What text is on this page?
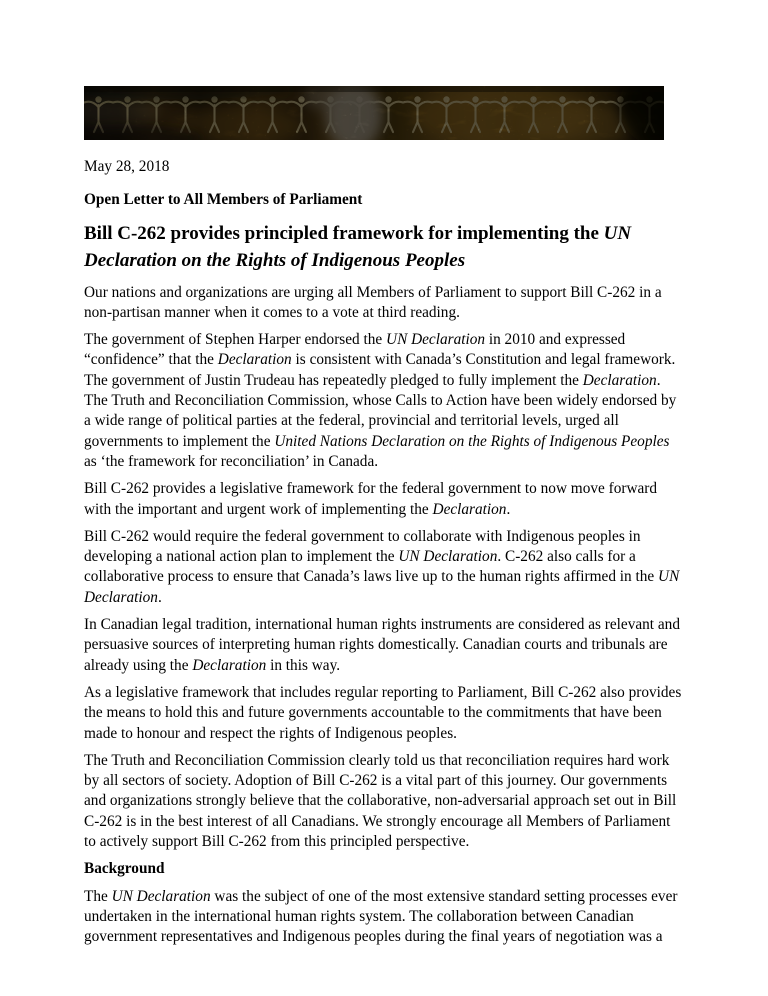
May 28, 2018

Open Letter to All Members of Parliament

Bill C-262 provides principled framework for implementing the UN Declaration on the Rights of Indigenous Peoples

Our nations and organizations are urging all Members of Parliament to support Bill C-262 in a non-partisan manner when it comes to a vote at third reading.

The government of Stephen Harper endorsed the UN Declaration in 2010 and expressed “confidence” that the Declaration is consistent with Canada’s Constitution and legal framework. The government of Justin Trudeau has repeatedly pledged to fully implement the Declaration. The Truth and Reconciliation Commission, whose Calls to Action have been widely endorsed by a wide range of political parties at the federal, provincial and territorial levels, urged all governments to implement the United Nations Declaration on the Rights of Indigenous Peoples as ‘the framework for reconciliation’ in Canada.

Bill C-262 provides a legislative framework for the federal government to now move forward with the important and urgent work of implementing the Declaration.

Bill C-262 would require the federal government to collaborate with Indigenous peoples in developing a national action plan to implement the UN Declaration. C-262 also calls for a collaborative process to ensure that Canada’s laws live up to the human rights affirmed in the UN Declaration.

In Canadian legal tradition, international human rights instruments are considered as relevant and persuasive sources of interpreting human rights domestically. Canadian courts and tribunals are already using the Declaration in this way.

As a legislative framework that includes regular reporting to Parliament, Bill C-262 also provides the means to hold this and future governments accountable to the commitments that have been made to honour and respect the rights of Indigenous peoples.

The Truth and Reconciliation Commission clearly told us that reconciliation requires hard work by all sectors of society. Adoption of Bill C-262 is a vital part of this journey. Our governments and organizations strongly believe that the collaborative, non-adversarial approach set out in Bill C-262 is in the best interest of all Canadians. We strongly encourage all Members of Parliament to actively support Bill C-262 from this principled perspective.

Background

The UN Declaration was the subject of one of the most extensive standard setting processes ever undertaken in the international human rights system. The collaboration between Canadian government representatives and Indigenous peoples during the final years of negotiation was a
